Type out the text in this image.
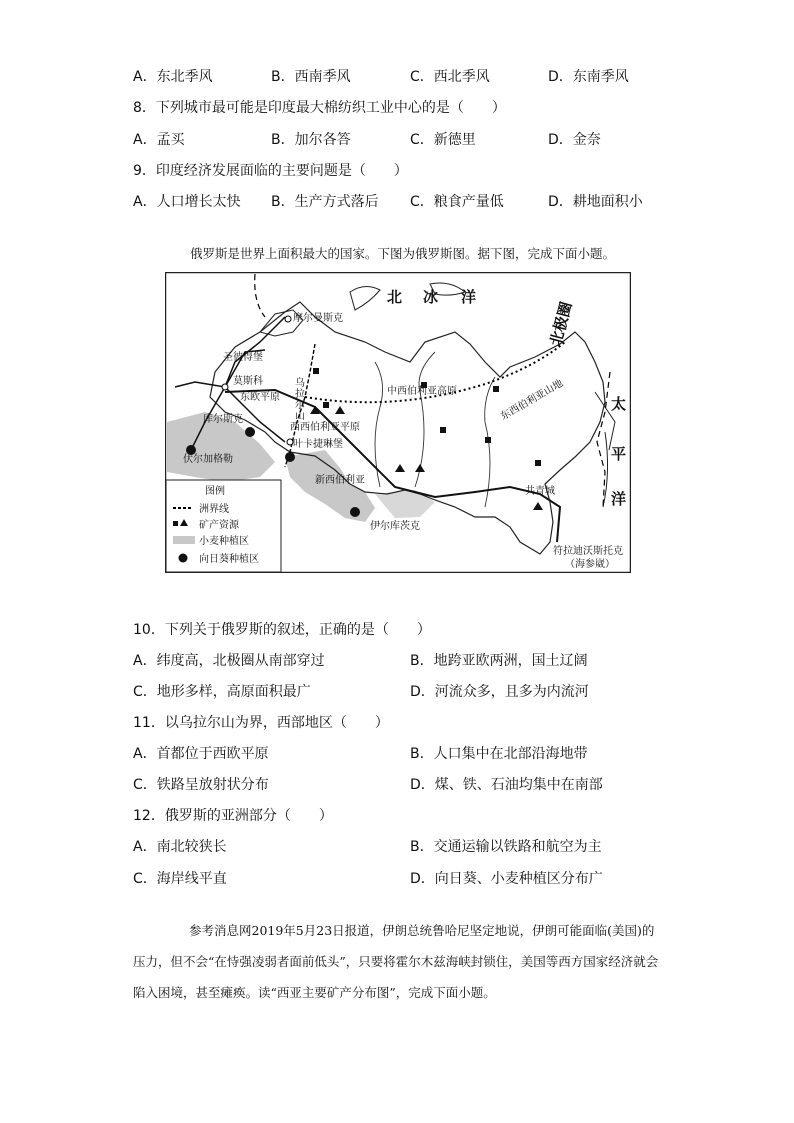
A．东北季风	B．西南季风	C．西北季风	D．东南季风
8．下列城市最可能是印度最大棉纺织工业中心的是（　　）
A．孟买	B．加尔各答	C．新德里	D．金奈
9．印度经济发展面临的主要问题是（　　）
A．人口增长太快 B．生产方式落后 C．粮食产量低	D．耕地面积小
俄罗斯是世界上面积最大的国家。下图为俄罗斯图。据下图，完成下面小题。
北 冰 洋
太
平
洋
北极圈
摩尔曼斯克
圣彼得堡
莫斯科
东欧平原
乌拉尔山
中西伯利亚高原
西西伯利亚平原
东西伯利亚山地
库尔斯克
叶卡捷琳堡
伏尔加格勒
新西伯利亚
伊尔库茨克
共青城
符拉迪沃斯托克
（海参崴）
图例
洲界线
矿产资源
小麦种植区
向日葵种植区
10．下列关于俄罗斯的叙述，正确的是（　　）
A．纬度高，北极圈从南部穿过	B．地跨亚欧两洲，国土辽阔
C．地形多样，高原面积最广	D．河流众多，且多为内流河
11．以乌拉尔山为界，西部地区（　　）
A．首都位于西欧平原	B．人口集中在北部沿海地带
C．铁路呈放射状分布	D．煤、铁、石油均集中在南部
12．俄罗斯的亚洲部分（　　）
A．南北较狭长	B．交通运输以铁路和航空为主
C．海岸线平直	D．向日葵、小麦种植区分布广
参考消息网2019年5月23日报道，伊朗总统鲁哈尼坚定地说，伊朗可能面临(美国)的压力，但不会“在恃强凌弱者面前低头”，只要将霍尔木兹海峡封锁住，美国等西方国家经济就会陷入困境，甚至瘫痪。读“西亚主要矿产分布图”，完成下面小题。
